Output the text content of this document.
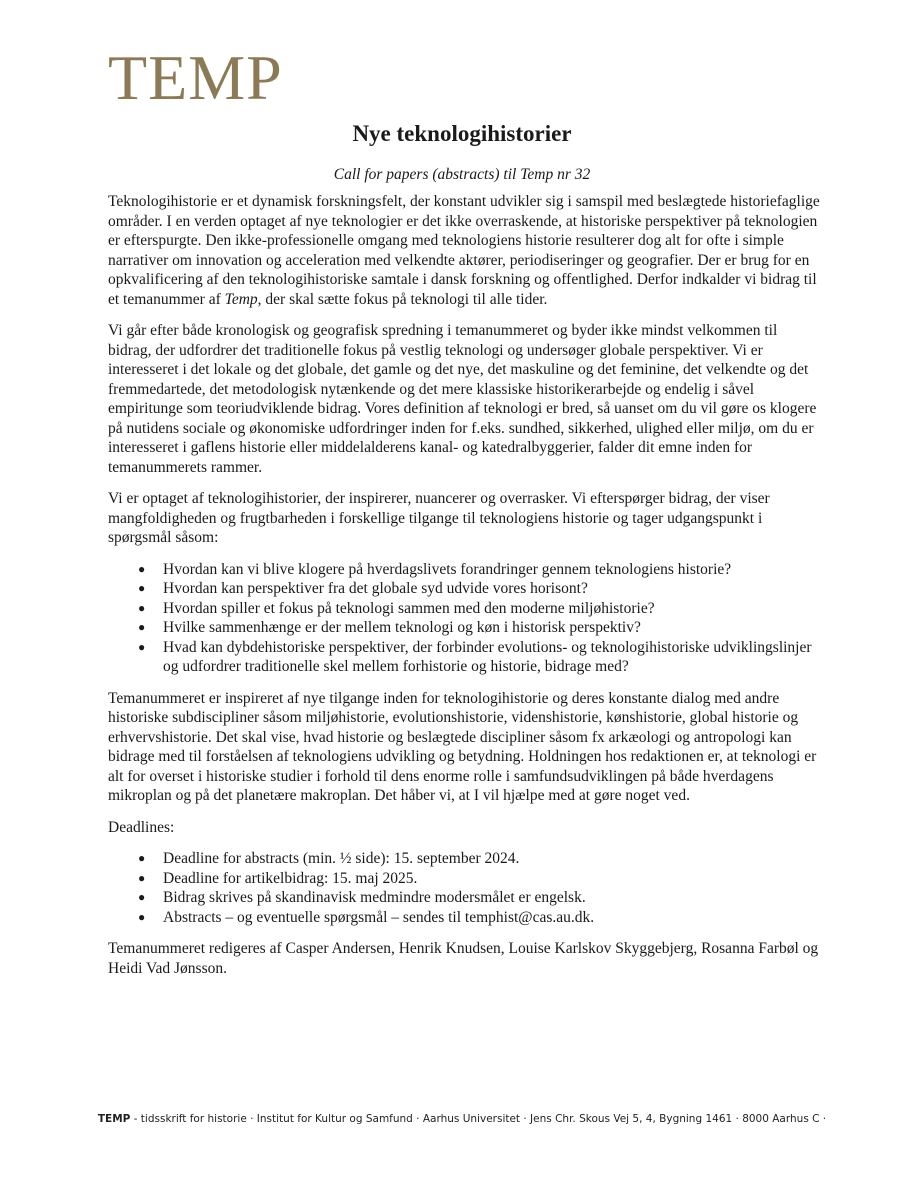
TEMP
Nye teknologihistorier

Call for papers (abstracts) til Temp nr 32

Teknologihistorie er et dynamisk forskningsfelt, der konstant udvikler sig i samspil med beslægtede historiefaglige områder. I en verden optaget af nye teknologier er det ikke overraskende, at historiske perspektiver på teknologien er efterspurgte. Den ikke-professionelle omgang med teknologiens historie resulterer dog alt for ofte i simple narrativer om innovation og acceleration med velkendte aktører, periodiseringer og geografier. Der er brug for en opkvalificering af den teknologihistoriske samtale i dansk forskning og offentlighed. Derfor indkalder vi bidrag til et temanummer af Temp, der skal sætte fokus på teknologi til alle tider.

Vi går efter både kronologisk og geografisk spredning i temanummeret og byder ikke mindst velkommen til bidrag, der udfordrer det traditionelle fokus på vestlig teknologi og undersøger globale perspektiver. Vi er interesseret i det lokale og det globale, det gamle og det nye, det maskuline og det feminine, det velkendte og det fremmedartede, det metodologisk nytænkende og det mere klassiske historikerarbejde og endelig i såvel empiritunge som teoriudviklende bidrag. Vores definition af teknologi er bred, så uanset om du vil gøre os klogere på nutidens sociale og økonomiske udfordringer inden for f.eks. sundhed, sikkerhed, ulighed eller miljø, om du er interesseret i gaflens historie eller middelalderens kanal- og katedralbyggerier, falder dit emne inden for temanummerets rammer.

Vi er optaget af teknologihistorier, der inspirerer, nuancerer og overrasker. Vi efterspørger bidrag, der viser mangfoldigheden og frugtbarheden i forskellige tilgange til teknologiens historie og tager udgangspunkt i spørgsmål såsom:

● Hvordan kan vi blive klogere på hverdagslivets forandringer gennem teknologiens historie?
● Hvordan kan perspektiver fra det globale syd udvide vores horisont?
● Hvordan spiller et fokus på teknologi sammen med den moderne miljøhistorie?
● Hvilke sammenhænge er der mellem teknologi og køn i historisk perspektiv?
● Hvad kan dybdehistoriske perspektiver, der forbinder evolutions- og teknologihistoriske udviklingslinjer og udfordrer traditionelle skel mellem forhistorie og historie, bidrage med?

Temanummeret er inspireret af nye tilgange inden for teknologihistorie og deres konstante dialog med andre historiske subdiscipliner såsom miljøhistorie, evolutionshistorie, videnshistorie, kønshistorie, global historie og erhvervshistorie. Det skal vise, hvad historie og beslægtede discipliner såsom fx arkæologi og antropologi kan bidrage med til forståelsen af teknologiens udvikling og betydning. Holdningen hos redaktionen er, at teknologi er alt for overset i historiske studier i forhold til dens enorme rolle i samfundsudviklingen på både hverdagens mikroplan og på det planetære makroplan. Det håber vi, at I vil hjælpe med at gøre noget ved.

Deadlines:

● Deadline for abstracts (min. ½ side): 15. september 2024.
● Deadline for artikelbidrag: 15. maj 2025.
● Bidrag skrives på skandinavisk medmindre modersmålet er engelsk.
● Abstracts – og eventuelle spørgsmål – sendes til temphist@cas.au.dk.

Temanummeret redigeres af Casper Andersen, Henrik Knudsen, Louise Karlskov Skyggebjerg, Rosanna Farbøl og Heidi Vad Jønsson.

TEMP - tidsskrift for historie · Institut for Kultur og Samfund · Aarhus Universitet · Jens Chr. Skous Vej 5, 4, Bygning 1461 · 8000 Aarhus C ·
